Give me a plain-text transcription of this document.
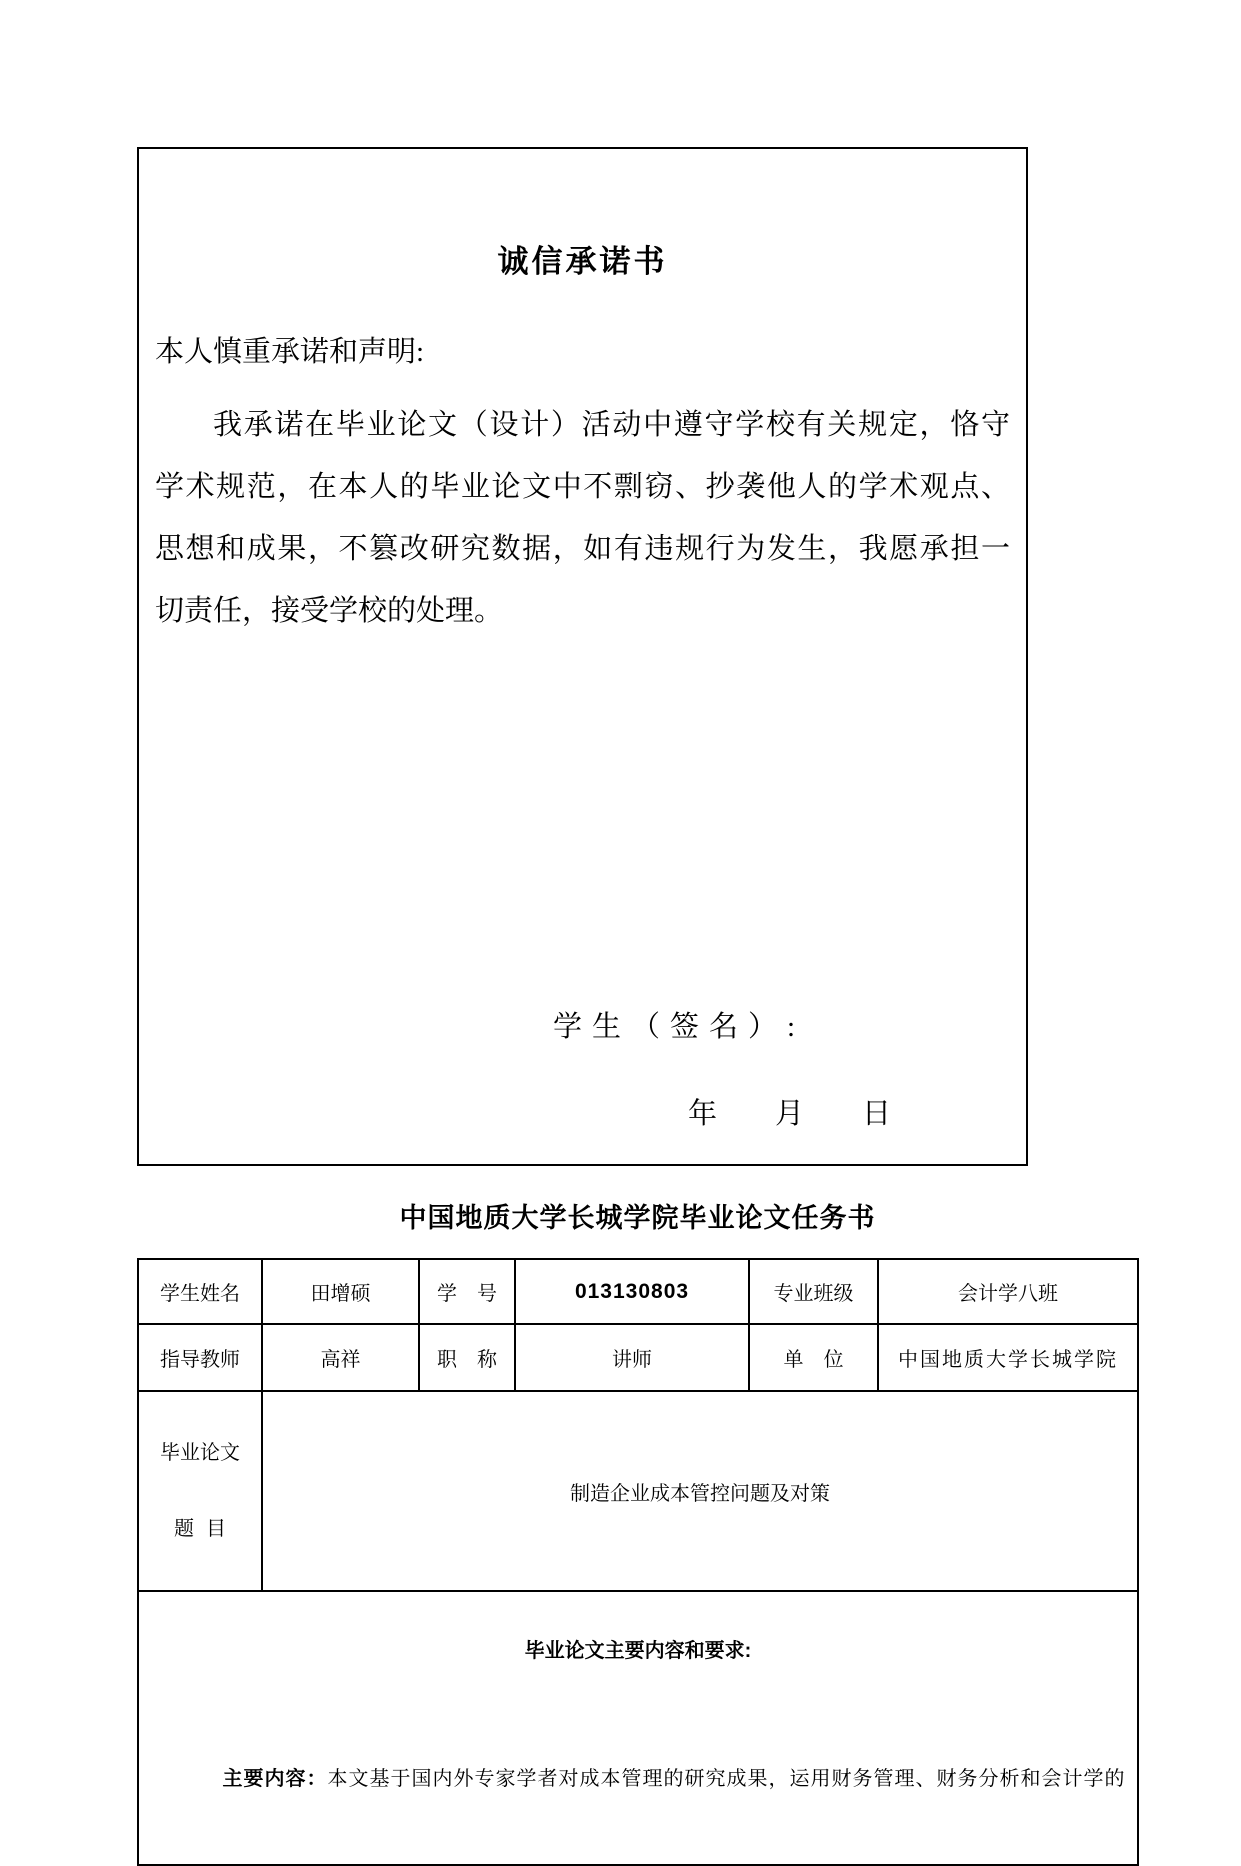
诚信承诺书
本人慎重承诺和声明:
我承诺在毕业论文（设计）活动中遵守学校有关规定，恪守
学术规范，在本人的毕业论文中不剽窃、抄袭他人的学术观点、
思想和成果，不篡改研究数据，如有违规行为发生，我愿承担一
切责任，接受学校的处理。
学生（签名）:
年　　月　　日
中国地质大学长城学院毕业论文任务书
学生姓名	田增硕	学　号	013130803	专业班级	会计学八班
指导教师	高祥	职　称	讲师	单　位	中国地质大学长城学院

毕业论文

题目	制造企业成本管控问题及对策				

毕业论文主要内容和要求:

主要内容：本文基于国内外专家学者对成本管理的研究成果，运用财务管理、财务分析和会计学的					
